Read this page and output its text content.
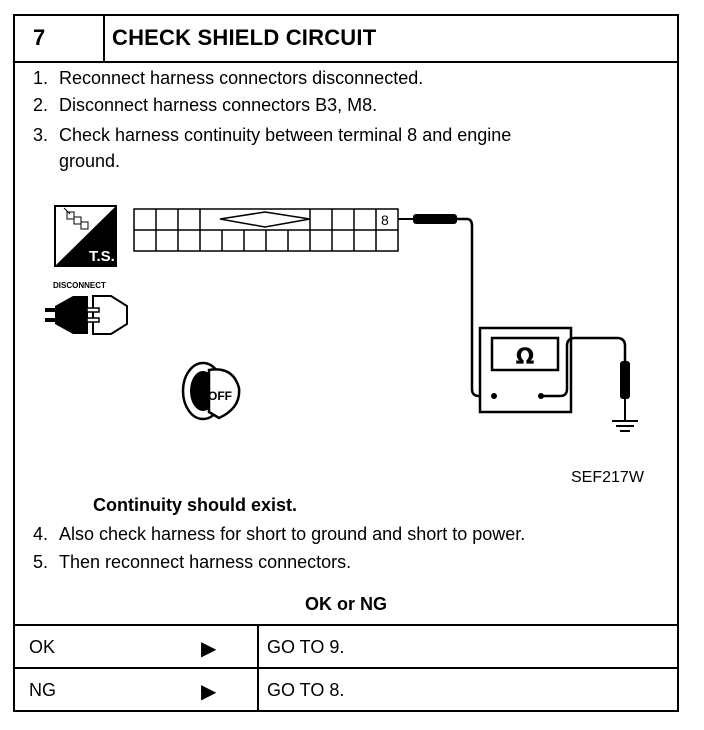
7	CHECK SHIELD CIRCUIT
1. Reconnect harness connectors disconnected.
2. Disconnect harness connectors B3, M8.
3. Check harness continuity between terminal 8 and engine
ground.
T.S.
8
Ω
DISCONNECT
OFF
SEF217W
Continuity should exist.
4. Also check harness for short to ground and short to power.
5. Then reconnect harness connectors.
OK or NG
OK	▶	GO TO 9.
NG	▶	GO TO 8.
